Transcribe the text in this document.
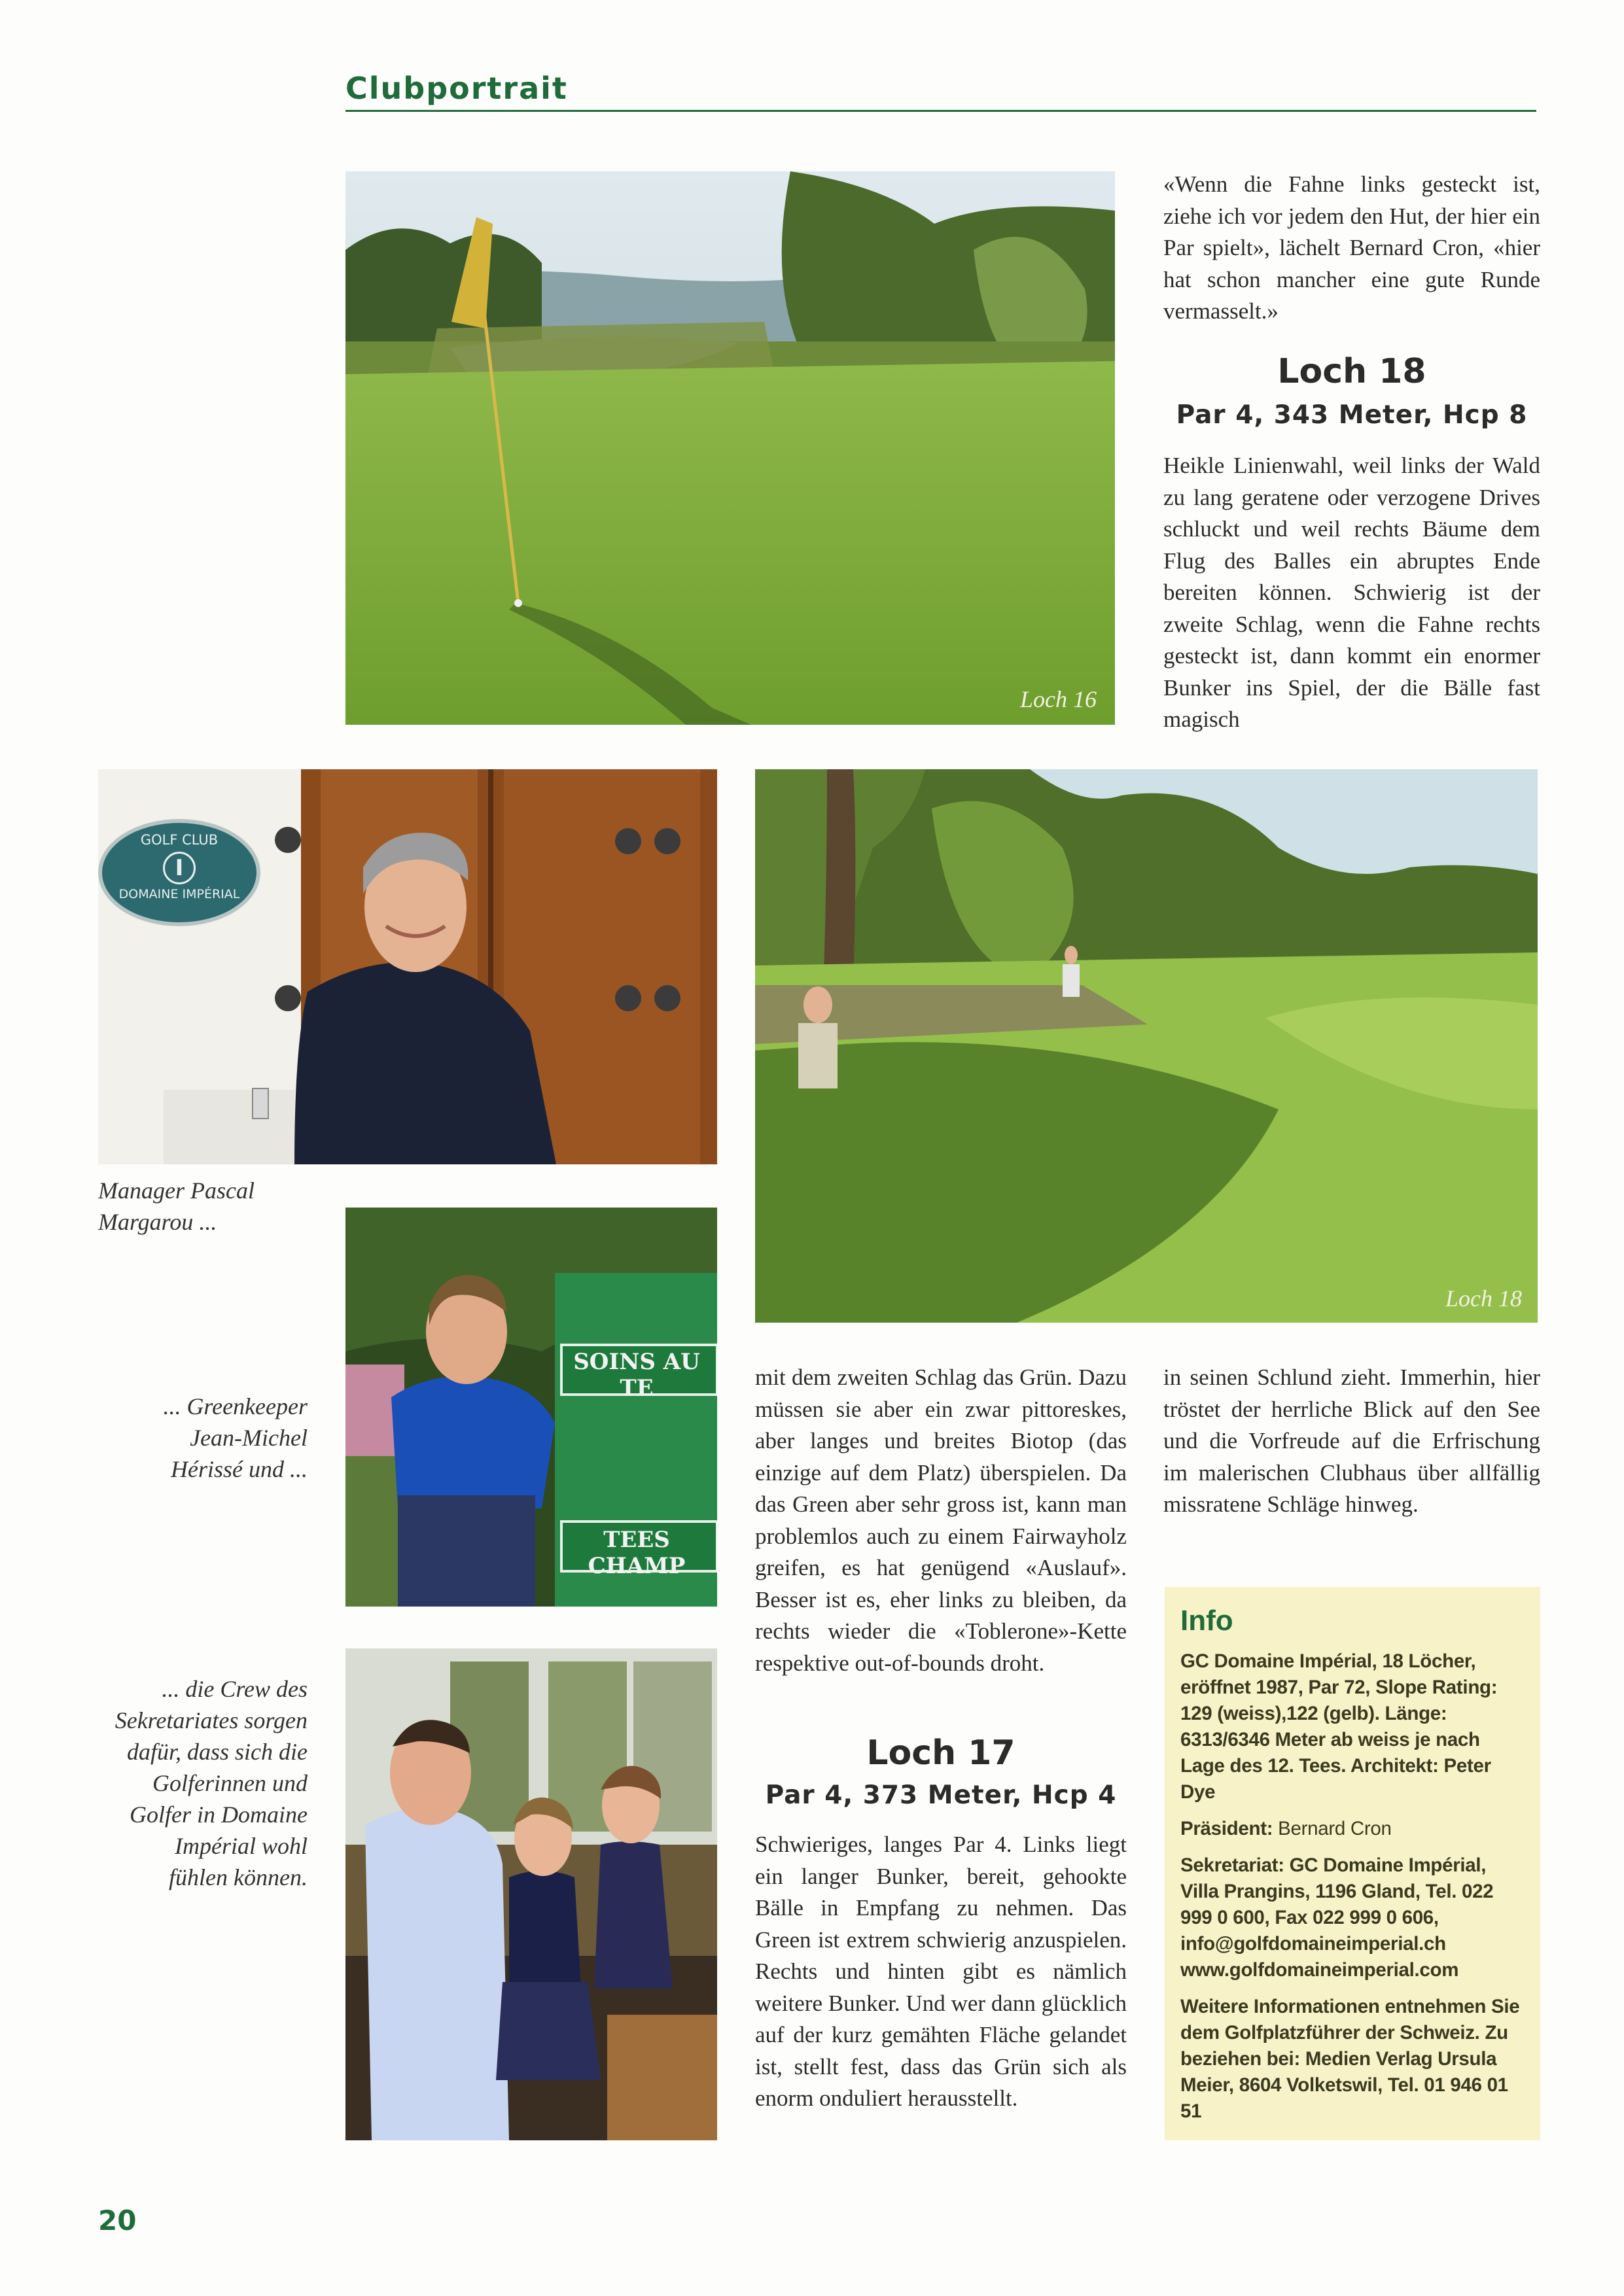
Clubportrait
Loch 16
«Wenn die Fahne links gesteckt ist, ziehe ich vor jedem den Hut, der hier ein Par spielt», lächelt Bernard Cron, «hier hat schon mancher eine gute Runde vermasselt.»
Loch 18
Par 4, 343 Meter, Hcp 8
Heikle Linienwahl, weil links der Wald zu lang geratene oder verzogene Drives schluckt und weil rechts Bäume dem Flug des Balles ein abruptes Ende bereiten können. Schwierig ist der zweite Schlag, wenn die Fahne rechts gesteckt ist, dann kommt ein enormer Bunker ins Spiel, der die Bälle fast magisch
GOLF CLUB
I
DOMAINE IMPÉRIAL
Loch 18
Manager Pascal
Margarou ...
SOINS AU TE
TEES CHAMP
... Greenkeeper
Jean-Michel
Hérissé und ...
mit dem zweiten Schlag das Grün. Dazu müssen sie aber ein zwar pittoreskes, aber langes und breites Biotop (das einzige auf dem Platz) überspielen. Da das Green aber sehr gross ist, kann man problemlos auch zu einem Fairwayholz greifen, es hat genügend «Auslauf». Besser ist es, eher links zu bleiben, da rechts wieder die «Toblerone»-Kette respektive out-of-bounds droht.
Loch 17
Par 4, 373 Meter, Hcp 4
Schwieriges, langes Par 4. Links liegt ein langer Bunker, bereit, gehookte Bälle in Empfang zu nehmen. Das Green ist extrem schwierig anzuspielen. Rechts und hinten gibt es nämlich weitere Bunker. Und wer dann glücklich auf der kurz gemähten Fläche gelandet ist, stellt fest, dass das Grün sich als enorm onduliert herausstellt.
in seinen Schlund zieht. Immerhin, hier tröstet der herrliche Blick auf den See und die Vorfreude auf die Erfrischung im malerischen Clubhaus über allfällig missratene Schläge hinweg.
... die Crew des
Sekretariates sorgen
dafür, dass sich die
Golferinnen und
Golfer in Domaine
Impérial wohl
fühlen können.
Info

GC Domaine Impérial, 18 Löcher, eröffnet 1987, Par 72, Slope Rating: 129 (weiss),122 (gelb). Länge: 6313/6346 Meter ab weiss je nach Lage des 12. Tees. Architekt: Peter Dye

Präsident: Bernard Cron

Sekretariat: GC Domaine Impérial, Villa Prangins, 1196 Gland, Tel. 022 999 0 600, Fax 022 999 0 606, info@golfdomaineimperial.ch www.golfdomaineimperial.com

Weitere Informationen entnehmen Sie dem Golfplatzführer der Schweiz. Zu beziehen bei: Medien Verlag Ursula Meier, 8604 Volketswil, Tel. 01 946 01 51

20
